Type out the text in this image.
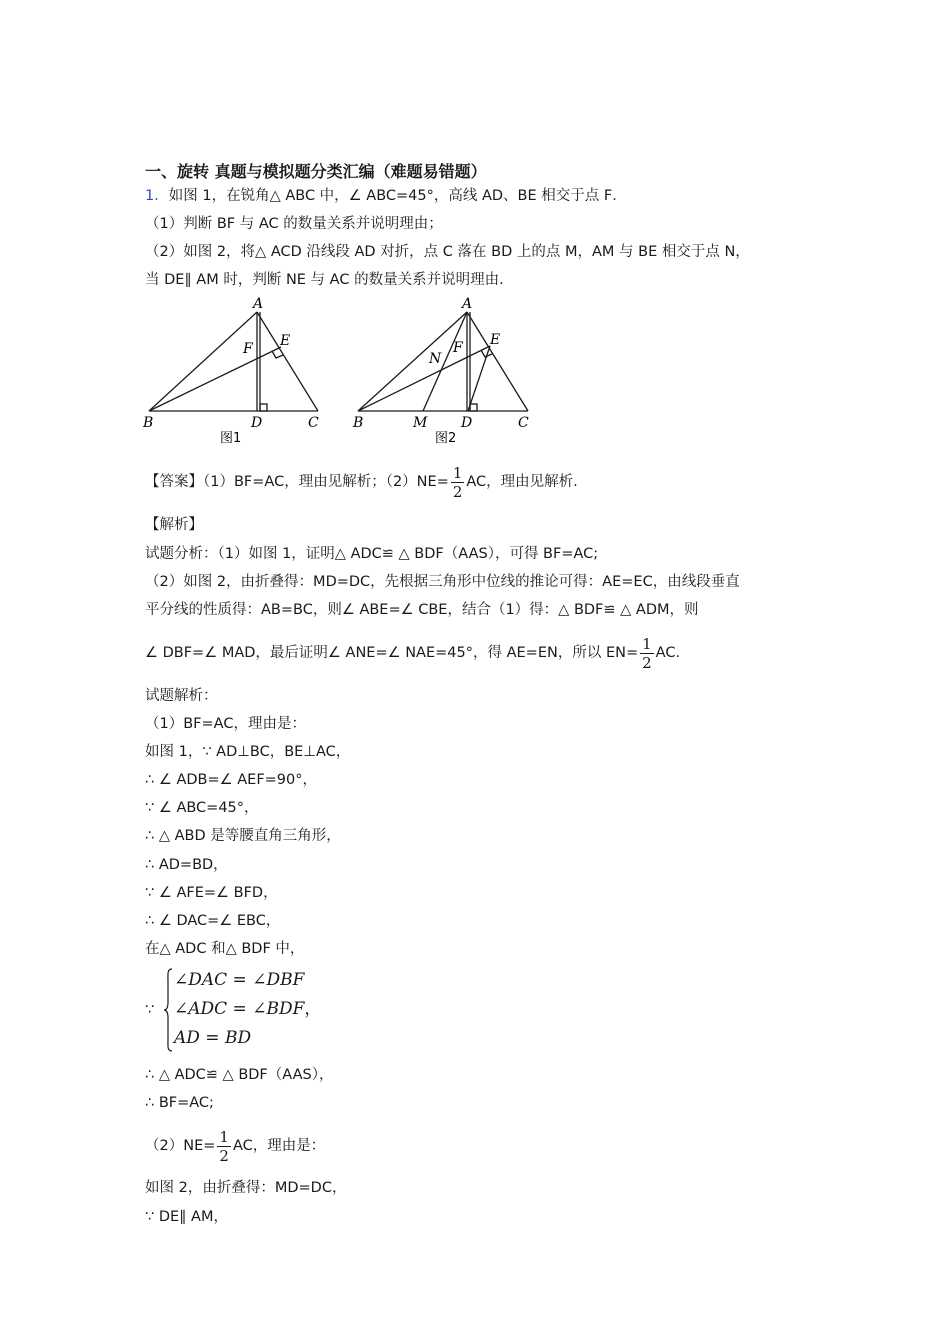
一、旋转 真题与模拟题分类汇编（难题易错题）
1．如图 1，在锐角△ ABC 中，∠ ABC=45°，高线 AD、BE 相交于点 F．
（1）判断 BF 与 AC 的数量关系并说明理由；
（2）如图 2，将△ ACD 沿线段 AD 对折，点 C 落在 BD 上的点 M，AM 与 BE 相交于点 N，
当 DE∥ AM 时，判断 NE 与 AC 的数量关系并说明理由．
A
B	C
D
E
F
图1
A
B	C
D
M
E
F
N
图2
【答案】（1）BF=AC，理由见解析；$(2)NE= \frac{1}{2}$ AC，理由见解析.
【解析】
试题分析：（1）如图 1，证明△ ADC≌ △ BDF（AAS），可得 BF=AC;
（2）如图 2，由折叠得：MD=DC，先根据三角形中位线的推论可得：AE=EC，由线段垂直
平分线的性质得：AB=BC，则∠ ABE=∠ CBE，结合（1）得：△ BDF≌ △ ADM，则
∠ DBF=∠ MAD，最后证明∠ ANE=∠ NAE=45°，得 AE=EN，所以 $EN= \frac{1}{2}$ AC.
试题解析：
（1）BF=AC，理由是：
如图 1，∵ AD⊥BC，BE⊥AC，
∴ ∠ ADB=∠ AEF=90°，
∵ ∠ ABC=45°，
∴ △ ABD 是等腰直角三角形，
∴ AD=BD，
∵ ∠ AFE=∠ BFD，
∴ ∠ DAC=∠ EBC，
在△ ADC 和△ BDF 中，
∵
∠DAC = ∠DBF
∠ADC = ∠BDF，
AD = BD
∴ △ ADC≌ △ BDF（AAS），
∴ BF=AC;
$(2)NE= \frac{1}{2}$ AC，理由是：
如图 2，由折叠得：MD=DC，
∵ DE∥ AM，
